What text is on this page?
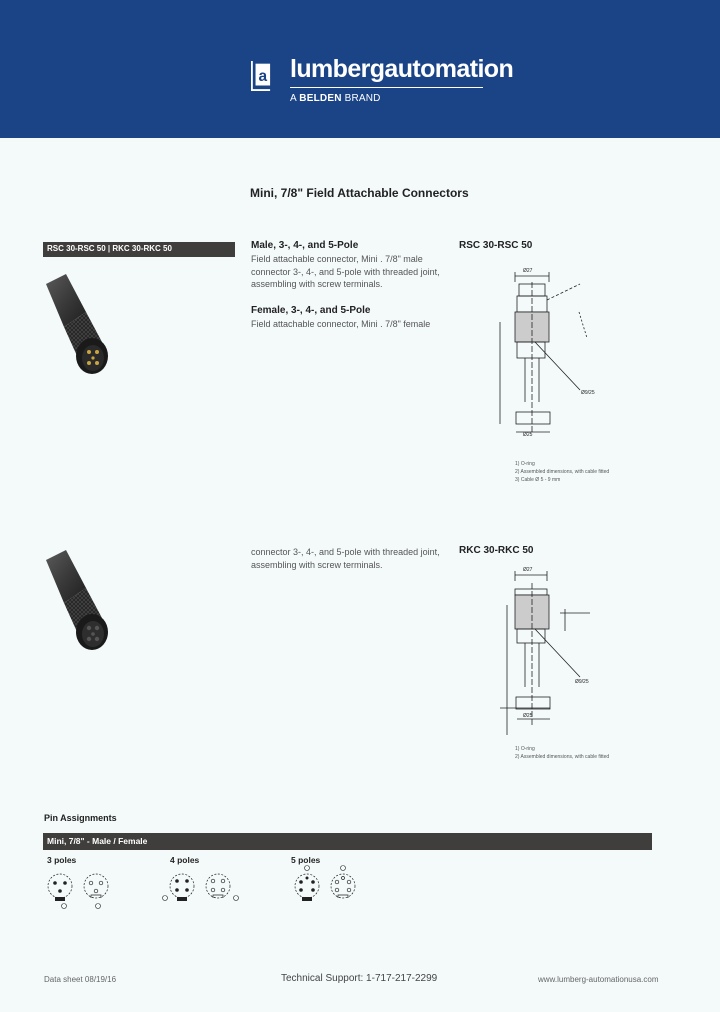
a lumbergautomation
A BELDEN BRAND
Mini, 7/8" Field Attachable Connectors
RSC 30-RSC 50 | RKC 30-RKC 50	Male, 3-, 4-, and 5-Pole
Field attachable connector, Mini . 7/8" male connector 3-, 4-, and 5-pole with threaded joint, assembling with screw terminals.
Female, 3-, 4-, and 5-Pole
Field attachable connector, Mini . 7/8" female
RSC 30-RSC 50
Ø27
Ø25
Ø9/25
1) O-ring
2) Assembled dimensions, with cable fitted
3) Cable Ø 5 - 9 mm
connector 3-, 4-, and 5-pole with threaded joint, assembling with screw terminals.
RKC 30-RKC 50
Ø27
Ø25
Ø9/25
1) O-ring
2) Assembled dimensions, with cable fitted
Pin Assignments
Mini, 7/8" - Male / Female
3 poles	4 poles	5 poles
Data sheet 08/19/16	Technical Support: 1-717-217-2299	www.lumberg-automationusa.com
